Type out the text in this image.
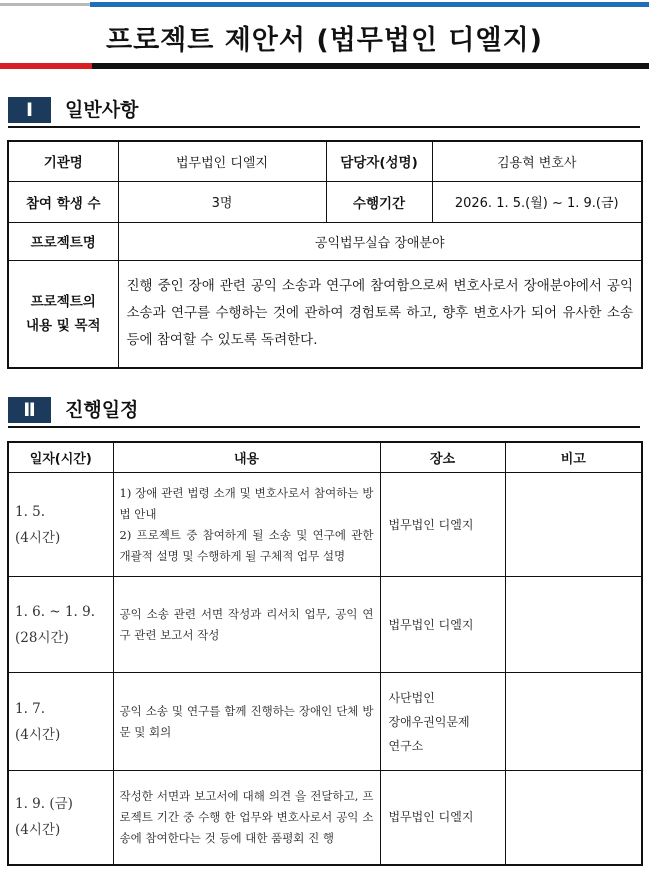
프로젝트 제안서 (법무법인 디엘지)
Ⅰ	일반사항
기관명	법무법인 디엘지	담당자(성명)	김용혁 변호사
참여 학생 수	3명	수행기간	2026. 1. 5.(월) ~ 1. 9.(금)
프로젝트명	공익법무실습 장애분야		

프로젝트의
내용 및 목적	진행 중인 장애 관련 공익 소송과 연구에 참여함으로써 변호사로서 장애분야에서 공익 소송과 연구를 수행하는 것에 관하여 경험토록 하고, 향후 변호사가 되어 유사한 소송 등에 참여할 수 있도록 독려한다.		
Ⅱ	진행일정
일자(시간)	내용	장소	비고

1. 5.
(4시간)	1) 장애 관련 법령 소개 및 변호사로서 참여하는 방법 안내
2) 프로젝트 중 참여하게 될 소송 및 연구에 관한 개괄적 설명 및 수행하게 될 구체적 업무 설명	법무법인 디엘지	

1. 6. ~ 1. 9.
(28시간)	공익 소송 관련 서면 작성과 리서치 업무, 공익 연구 관련 보고서 작성	법무법인 디엘지	

1. 7.
(4시간)	공익 소송 및 연구를 함께 진행하는 장애인 단체 방문 및 회의	사단법인
장애우권익문제
연구소	

1. 9. (금)
(4시간)	작성한 서면과 보고서에 대해 의견 을 전달하고, 프로젝트 기간 중 수행 한 업무와 변호사로서 공익 소송에 참여한다는 것 등에 대한 품평회 진 행	법무법인 디엘지	
